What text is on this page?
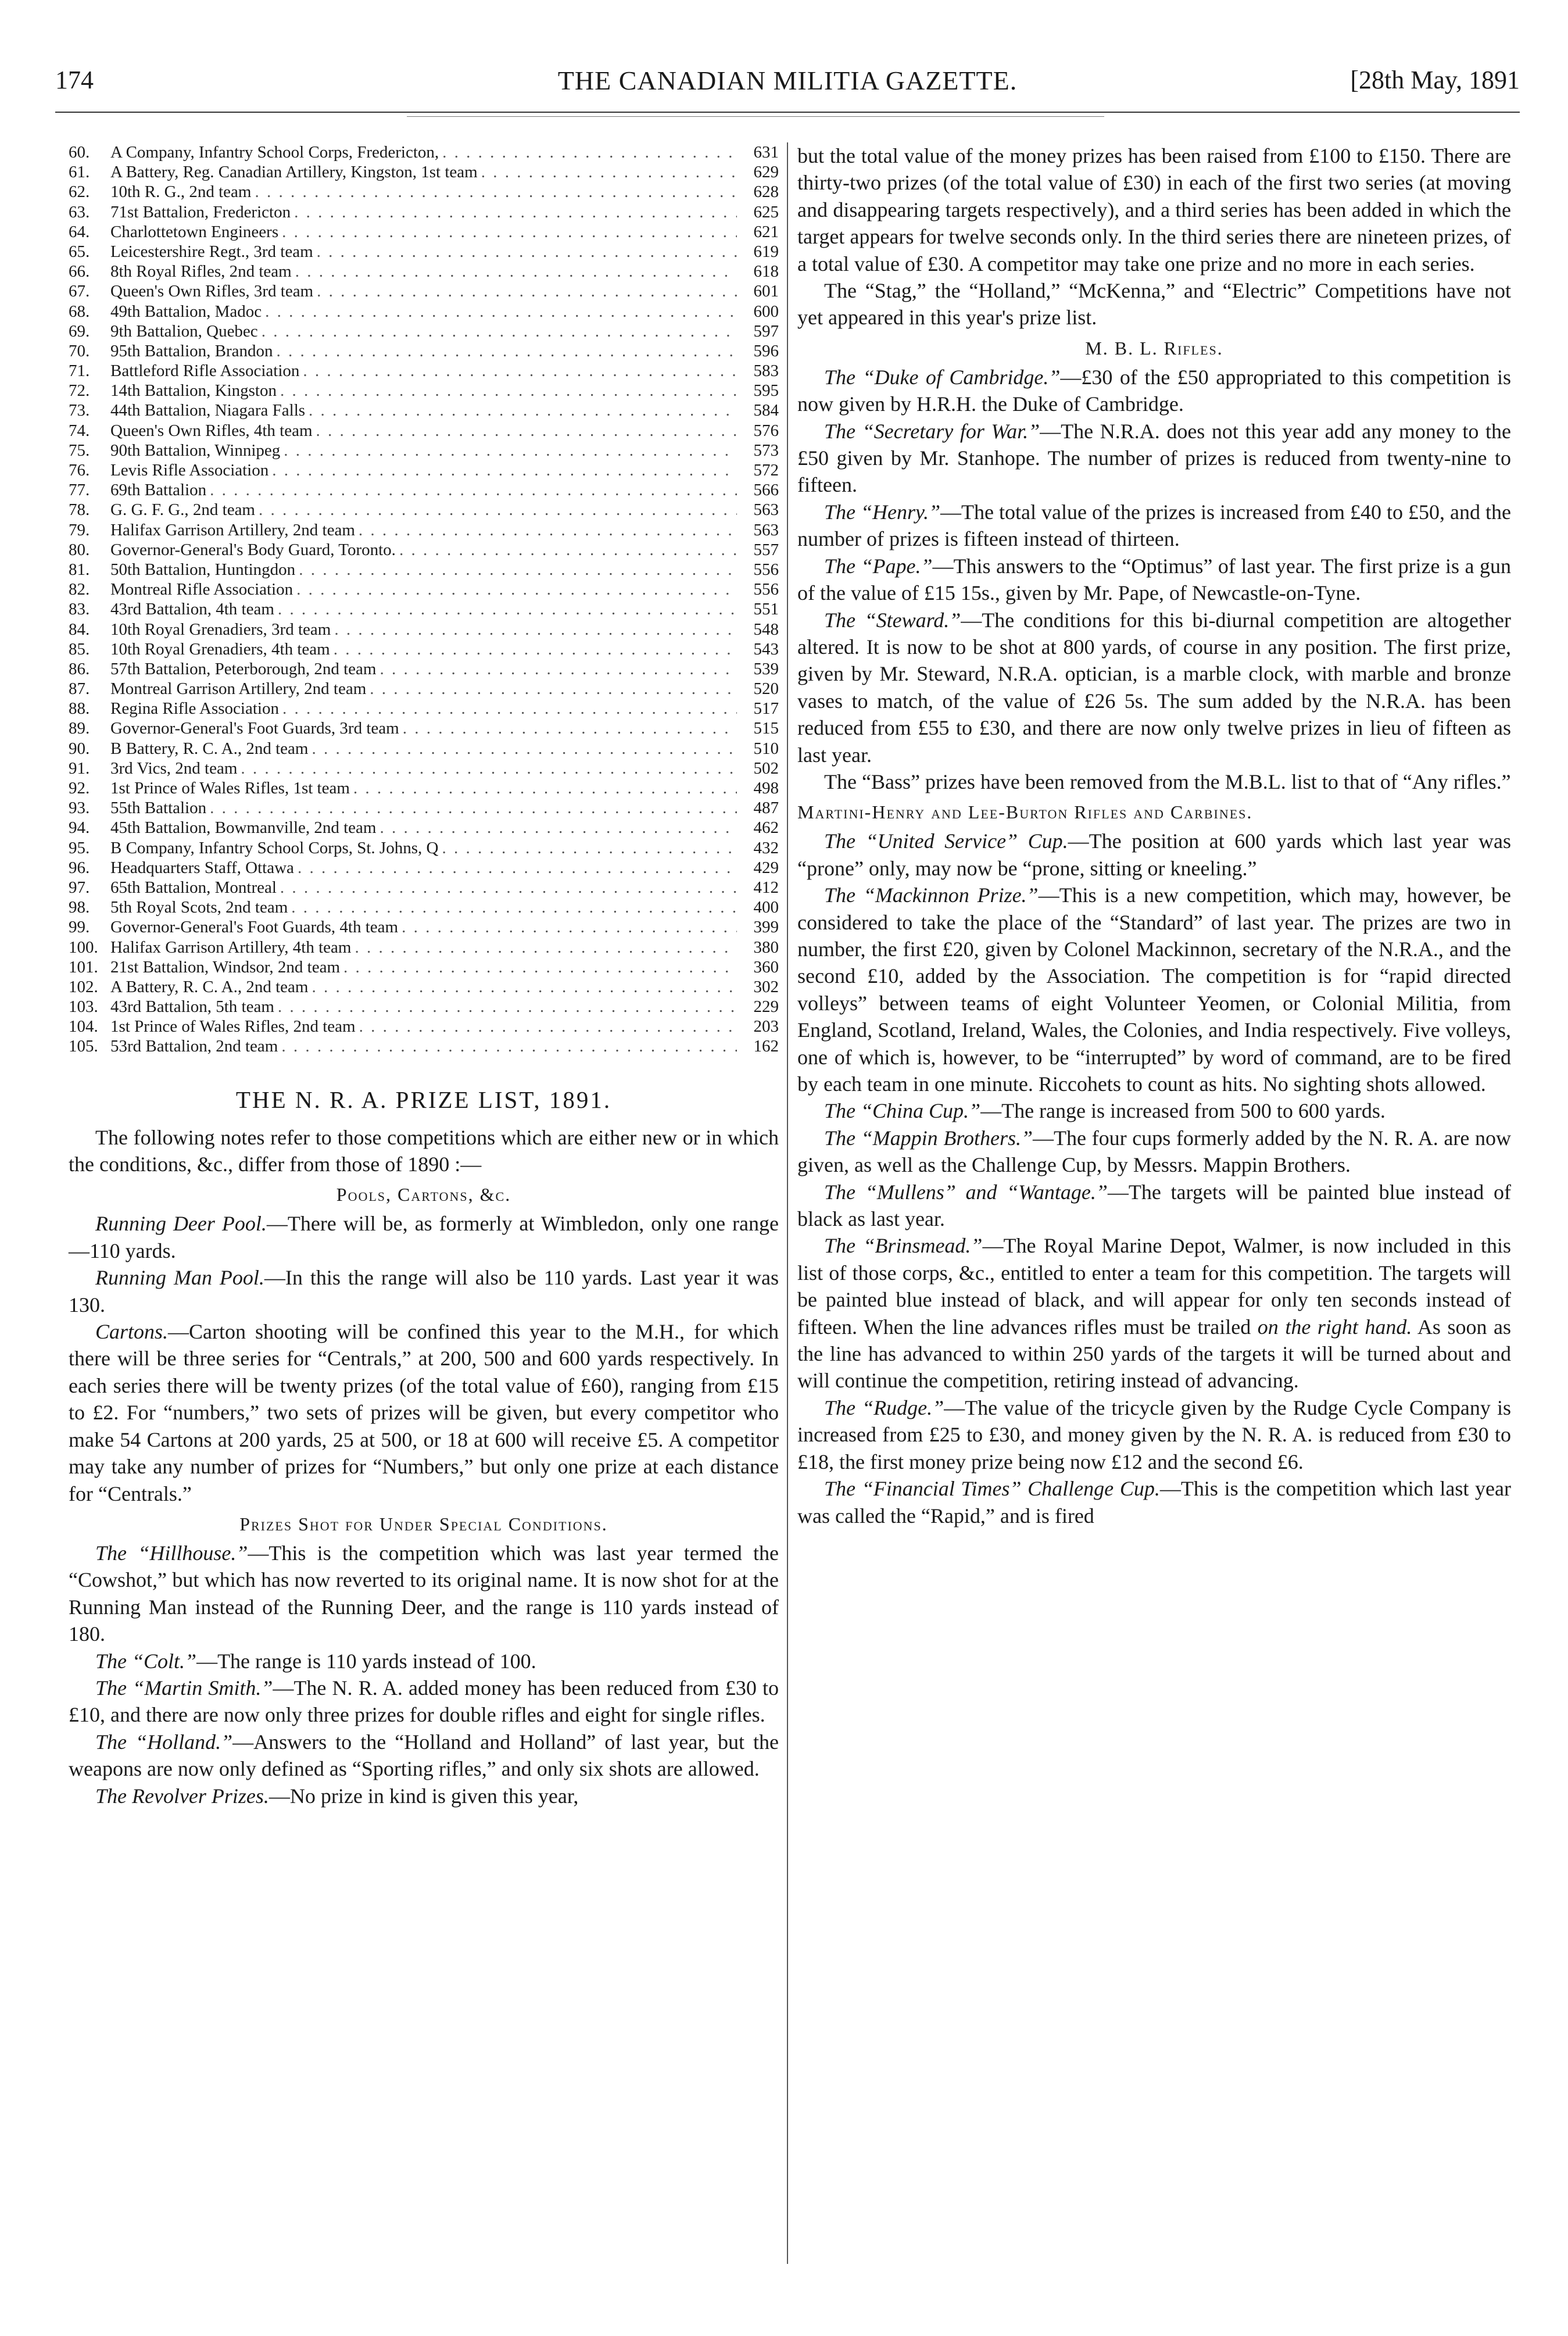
174	THE CANADIAN MILITIA GAZETTE.	[28th May, 1891
60.	A Company, Infantry School Corps, Fredericton, . . .	631
61.	A Battery, Reg. Canadian Artillery, Kingston, 1st team . . .	629
62.	10th R. G., 2nd team . . .	628
63.	71st Battalion, Fredericton . . .	625
64.	Charlottetown Engineers . . .	621
65.	Leicestershire Regt., 3rd team . . .	619
66.	8th Royal Rifles, 2nd team . . .	618
67.	Queen's Own Rifles, 3rd team . . .	601
68.	49th Battalion, Madoc . . .	600
69.	9th Battalion, Quebec . . .	597
70.	95th Battalion, Brandon . . .	596
71.	Battleford Rifle Association . . .	583
72.	14th Battalion, Kingston . . .	595
73.	44th Battalion, Niagara Falls . . .	584
74.	Queen's Own Rifles, 4th team . . .	576
75.	90th Battalion, Winnipeg . . .	573
76.	Levis Rifle Association . . .	572
77.	69th Battalion . . .	566
78.	G. G. F. G., 2nd team . . .	563
79.	Halifax Garrison Artillery, 2nd team . . .	563
80.	Governor-General's Body Guard, Toronto. . . .	557
81.	50th Battalion, Huntingdon . . .	556
82.	Montreal Rifle Association . . .	556
83.	43rd Battalion, 4th team . . .	551
84.	10th Royal Grenadiers, 3rd team . . .	548
85.	10th Royal Grenadiers, 4th team . . .	543
86.	57th Battalion, Peterborough, 2nd team . . .	539
87.	Montreal Garrison Artillery, 2nd team . . .	520
88.	Regina Rifle Association . . .	517
89.	Governor-General's Foot Guards, 3rd team . . .	515
90.	B Battery, R. C. A., 2nd team . . .	510
91.	3rd Vics, 2nd team . . .	502
92.	1st Prince of Wales Rifles, 1st team . . .	498
93.	55th Battalion . . .	487
94.	45th Battalion, Bowmanville, 2nd team . . .	462
95.	B Company, Infantry School Corps, St. Johns, Q . . .	432
96.	Headquarters Staff, Ottawa . . .	429
97.	65th Battalion, Montreal . . .	412
98.	5th Royal Scots, 2nd team . . .	400
99.	Governor-General's Foot Guards, 4th team . . .	399
100. Halifax Garrison Artillery, 4th team . . .	380
101. 21st Battalion, Windsor, 2nd team . . .	360
102. A Battery, R. C. A., 2nd team . . .	302
103. 43rd Battalion, 5th team . . .	229
104. 1st Prince of Wales Rifles, 2nd team . . .	203
105. 53rd Battalion, 2nd team . . .	162
THE N. R. A. PRIZE LIST, 1891.

The following notes refer to those competitions which are either new or in which the conditions, &c., differ from those of 1890 :—

Pools, Cartons, &c.

Running Deer Pool.—There will be, as formerly at Wimbledon, only one range—110 yards.

Running Man Pool.—In this the range will also be 110 yards. Last year it was 130.

Cartons.—Carton shooting will be confined this year to the M.H., for which there will be three series for “Centrals,” at 200, 500 and 600 yards respectively. In each series there will be twenty prizes (of the total value of £60), ranging from £15 to £2. For “numbers,” two sets of prizes will be given, but every competitor who make 54 Cartons at 200 yards, 25 at 500, or 18 at 600 will receive £5. A competitor may take any number of prizes for “Numbers,” but only one prize at each distance for “Centrals.”

Prizes Shot for Under Special Conditions.

The “Hillhouse.”—This is the competition which was last year termed the “Cowshot,” but which has now reverted to its original name. It is now shot for at the Running Man instead of the Running Deer, and the range is 110 yards instead of 180.

The “Colt.”—The range is 110 yards instead of 100.

The “Martin Smith.”—The N. R. A. added money has been reduced from £30 to £10, and there are now only three prizes for double rifles and eight for single rifles.

The “Holland.”—Answers to the “Holland and Holland” of last year, but the weapons are now only defined as “Sporting rifles,” and only six shots are allowed.

The Revolver Prizes.—No prize in kind is given this year,

but the total value of the money prizes has been raised from £100 to £150. There are thirty-two prizes (of the total value of £30) in each of the first two series (at moving and disappearing targets respectively), and a third series has been added in which the target appears for twelve seconds only. In the third series there are nineteen prizes, of a total value of £30. A competitor may take one prize and no more in each series.

The “Stag,” the “Holland,” “McKenna,” and “Electric” Competitions have not yet appeared in this year's prize list.

M. B. L. Rifles.

The “Duke of Cambridge.”—£30 of the £50 appropriated to this competition is now given by H.R.H. the Duke of Cambridge.

The “Secretary for War.”—The N.R.A. does not this year add any money to the £50 given by Mr. Stanhope. The number of prizes is reduced from twenty-nine to fifteen.

The “Henry.”—The total value of the prizes is increased from £40 to £50, and the number of prizes is fifteen instead of thirteen.

The “Pape.”—This answers to the “Optimus” of last year. The first prize is a gun of the value of £15 15s., given by Mr. Pape, of Newcastle-on-Tyne.

The “Steward.”—The conditions for this bi-diurnal competition are altogether altered. It is now to be shot at 800 yards, of course in any position. The first prize, given by Mr. Steward, N.R.A. optician, is a marble clock, with marble and bronze vases to match, of the value of £26 5s. The sum added by the N.R.A. has been reduced from £55 to £30, and there are now only twelve prizes in lieu of fifteen as last year.

The “Bass” prizes have been removed from the M.B.L. list to that of “Any rifles.”

Martini-Henry and Lee-Burton Rifles and Carbines.

The “United Service” Cup.—The position at 600 yards which last year was “prone” only, may now be “prone, sitting or kneeling.”

The “Mackinnon Prize.”—This is a new competition, which may, however, be considered to take the place of the “Standard” of last year. The prizes are two in number, the first £20, given by Colonel Mackinnon, secretary of the N.R.A., and the second £10, added by the Association. The competition is for “rapid directed volleys” between teams of eight Volunteer Yeomen, or Colonial Militia, from England, Scotland, Ireland, Wales, the Colonies, and India respectively. Five volleys, one of which is, however, to be “interrupted” by word of command, are to be fired by each team in one minute. Riccohets to count as hits. No sighting shots allowed.

The “China Cup.”—The range is increased from 500 to 600 yards.

The “Mappin Brothers.”—The four cups formerly added by the N. R. A. are now given, as well as the Challenge Cup, by Messrs. Mappin Brothers.

The “Mullens” and “Wantage.”—The targets will be painted blue instead of black as last year.

The “Brinsmead.”—The Royal Marine Depot, Walmer, is now included in this list of those corps, &c., entitled to enter a team for this competition. The targets will be painted blue instead of black, and will appear for only ten seconds instead of fifteen. When the line advances rifles must be trailed on the right hand. As soon as the line has advanced to within 250 yards of the targets it will be turned about and will continue the competition, retiring instead of advancing.

The “Rudge.”—The value of the tricycle given by the Rudge Cycle Company is increased from £25 to £30, and money given by the N. R. A. is reduced from £30 to £18, the first money prize being now £12 and the second £6.

The “Financial Times” Challenge Cup.—This is the competition which last year was called the “Rapid,” and is fired
